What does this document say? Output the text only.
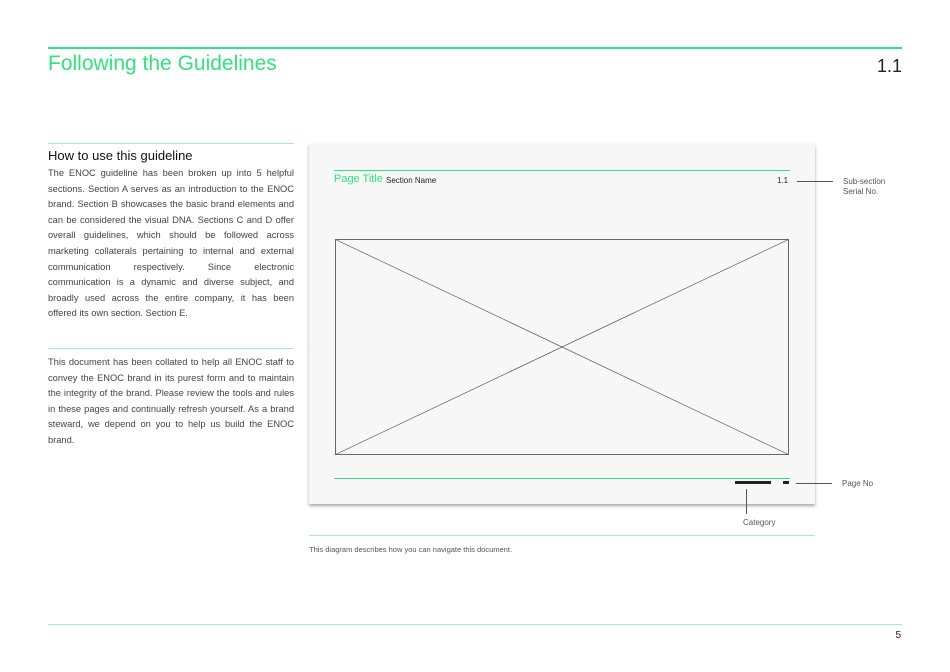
Following the Guidelines	1.1
How to use this guideline
The ENOC guideline has been broken up into 5 helpful sections. Section A serves as an introduction to the ENOC brand. Section B showcases the basic brand elements and can be considered the visual DNA. Sections C and D offer overall guidelines, which should be followed across marketing collaterals pertaining to internal and external communication respectively. Since electronic communication is a dynamic and diverse subject, and broadly used across the entire company, it has been offered its own section. Section E.
This document has been collated to help all ENOC staff to convey the ENOC brand in its purest form and to maintain the integrity of the brand. Please review the tools and rules in these pages and continually refresh yourself. As a brand steward, we depend on you to help us build the ENOC brand.
Page Title Section Name	1.1	Sub-section Serial No.
Page No
Category
This diagram describes how you can navigate this document.
5
